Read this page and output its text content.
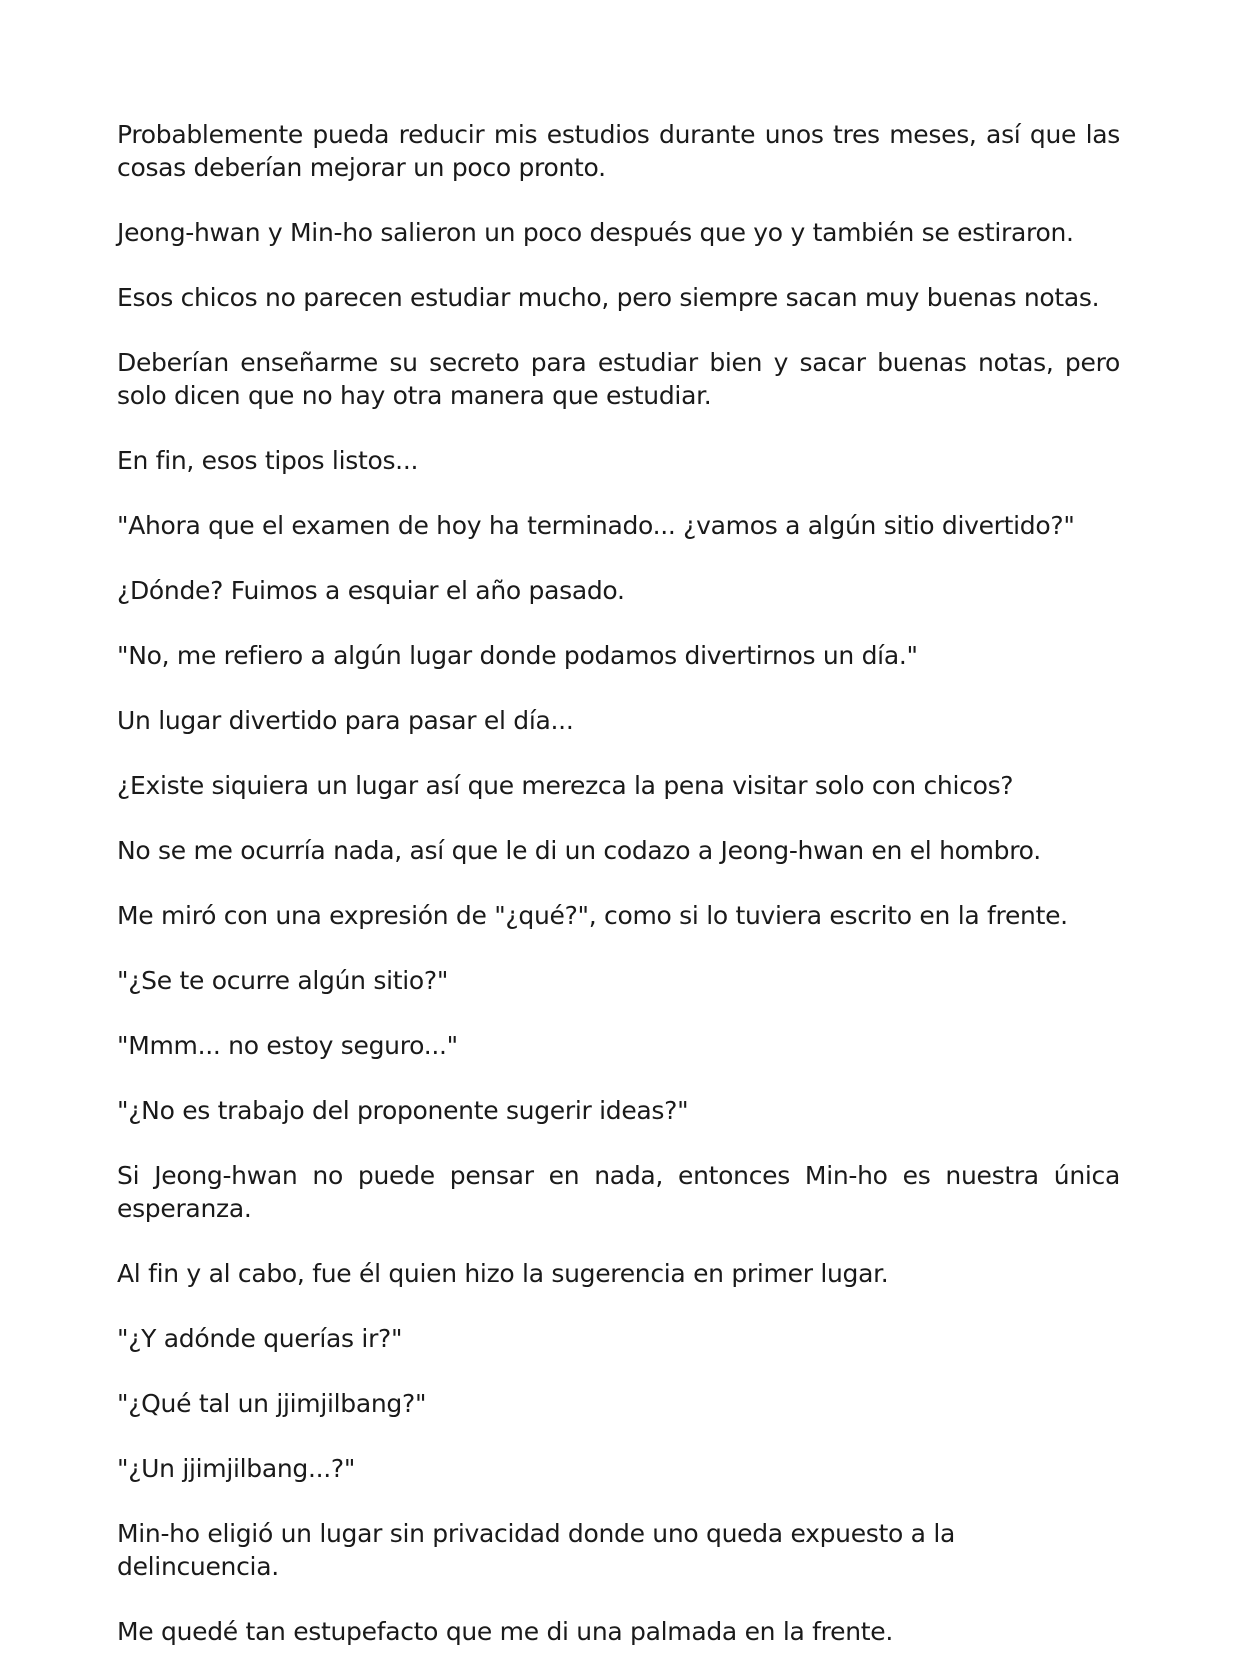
Probablemente pueda reducir mis estudios durante unos tres meses, así que las cosas deberían mejorar un poco pronto.

Jeong-hwan y Min-ho salieron un poco después que yo y también se estiraron.

Esos chicos no parecen estudiar mucho, pero siempre sacan muy buenas notas.

Deberían enseñarme su secreto para estudiar bien y sacar buenas notas, pero solo dicen que no hay otra manera que estudiar.

En fin, esos tipos listos...

"Ahora que el examen de hoy ha terminado... ¿vamos a algún sitio divertido?"

¿Dónde? Fuimos a esquiar el año pasado.

"No, me refiero a algún lugar donde podamos divertirnos un día."

Un lugar divertido para pasar el día...

¿Existe siquiera un lugar así que merezca la pena visitar solo con chicos?

No se me ocurría nada, así que le di un codazo a Jeong-hwan en el hombro.

Me miró con una expresión de "¿qué?", como si lo tuviera escrito en la frente.

"¿Se te ocurre algún sitio?"

"Mmm... no estoy seguro..."

"¿No es trabajo del proponente sugerir ideas?"

Si Jeong-hwan no puede pensar en nada, entonces Min-ho es nuestra única esperanza.

Al fin y al cabo, fue él quien hizo la sugerencia en primer lugar.

"¿Y adónde querías ir?"

"¿Qué tal un jjimjilbang?"

"¿Un jjimjilbang...?"

Min-ho eligió un lugar sin privacidad donde uno queda expuesto a la delincuencia.

Me quedé tan estupefacto que me di una palmada en la frente.
